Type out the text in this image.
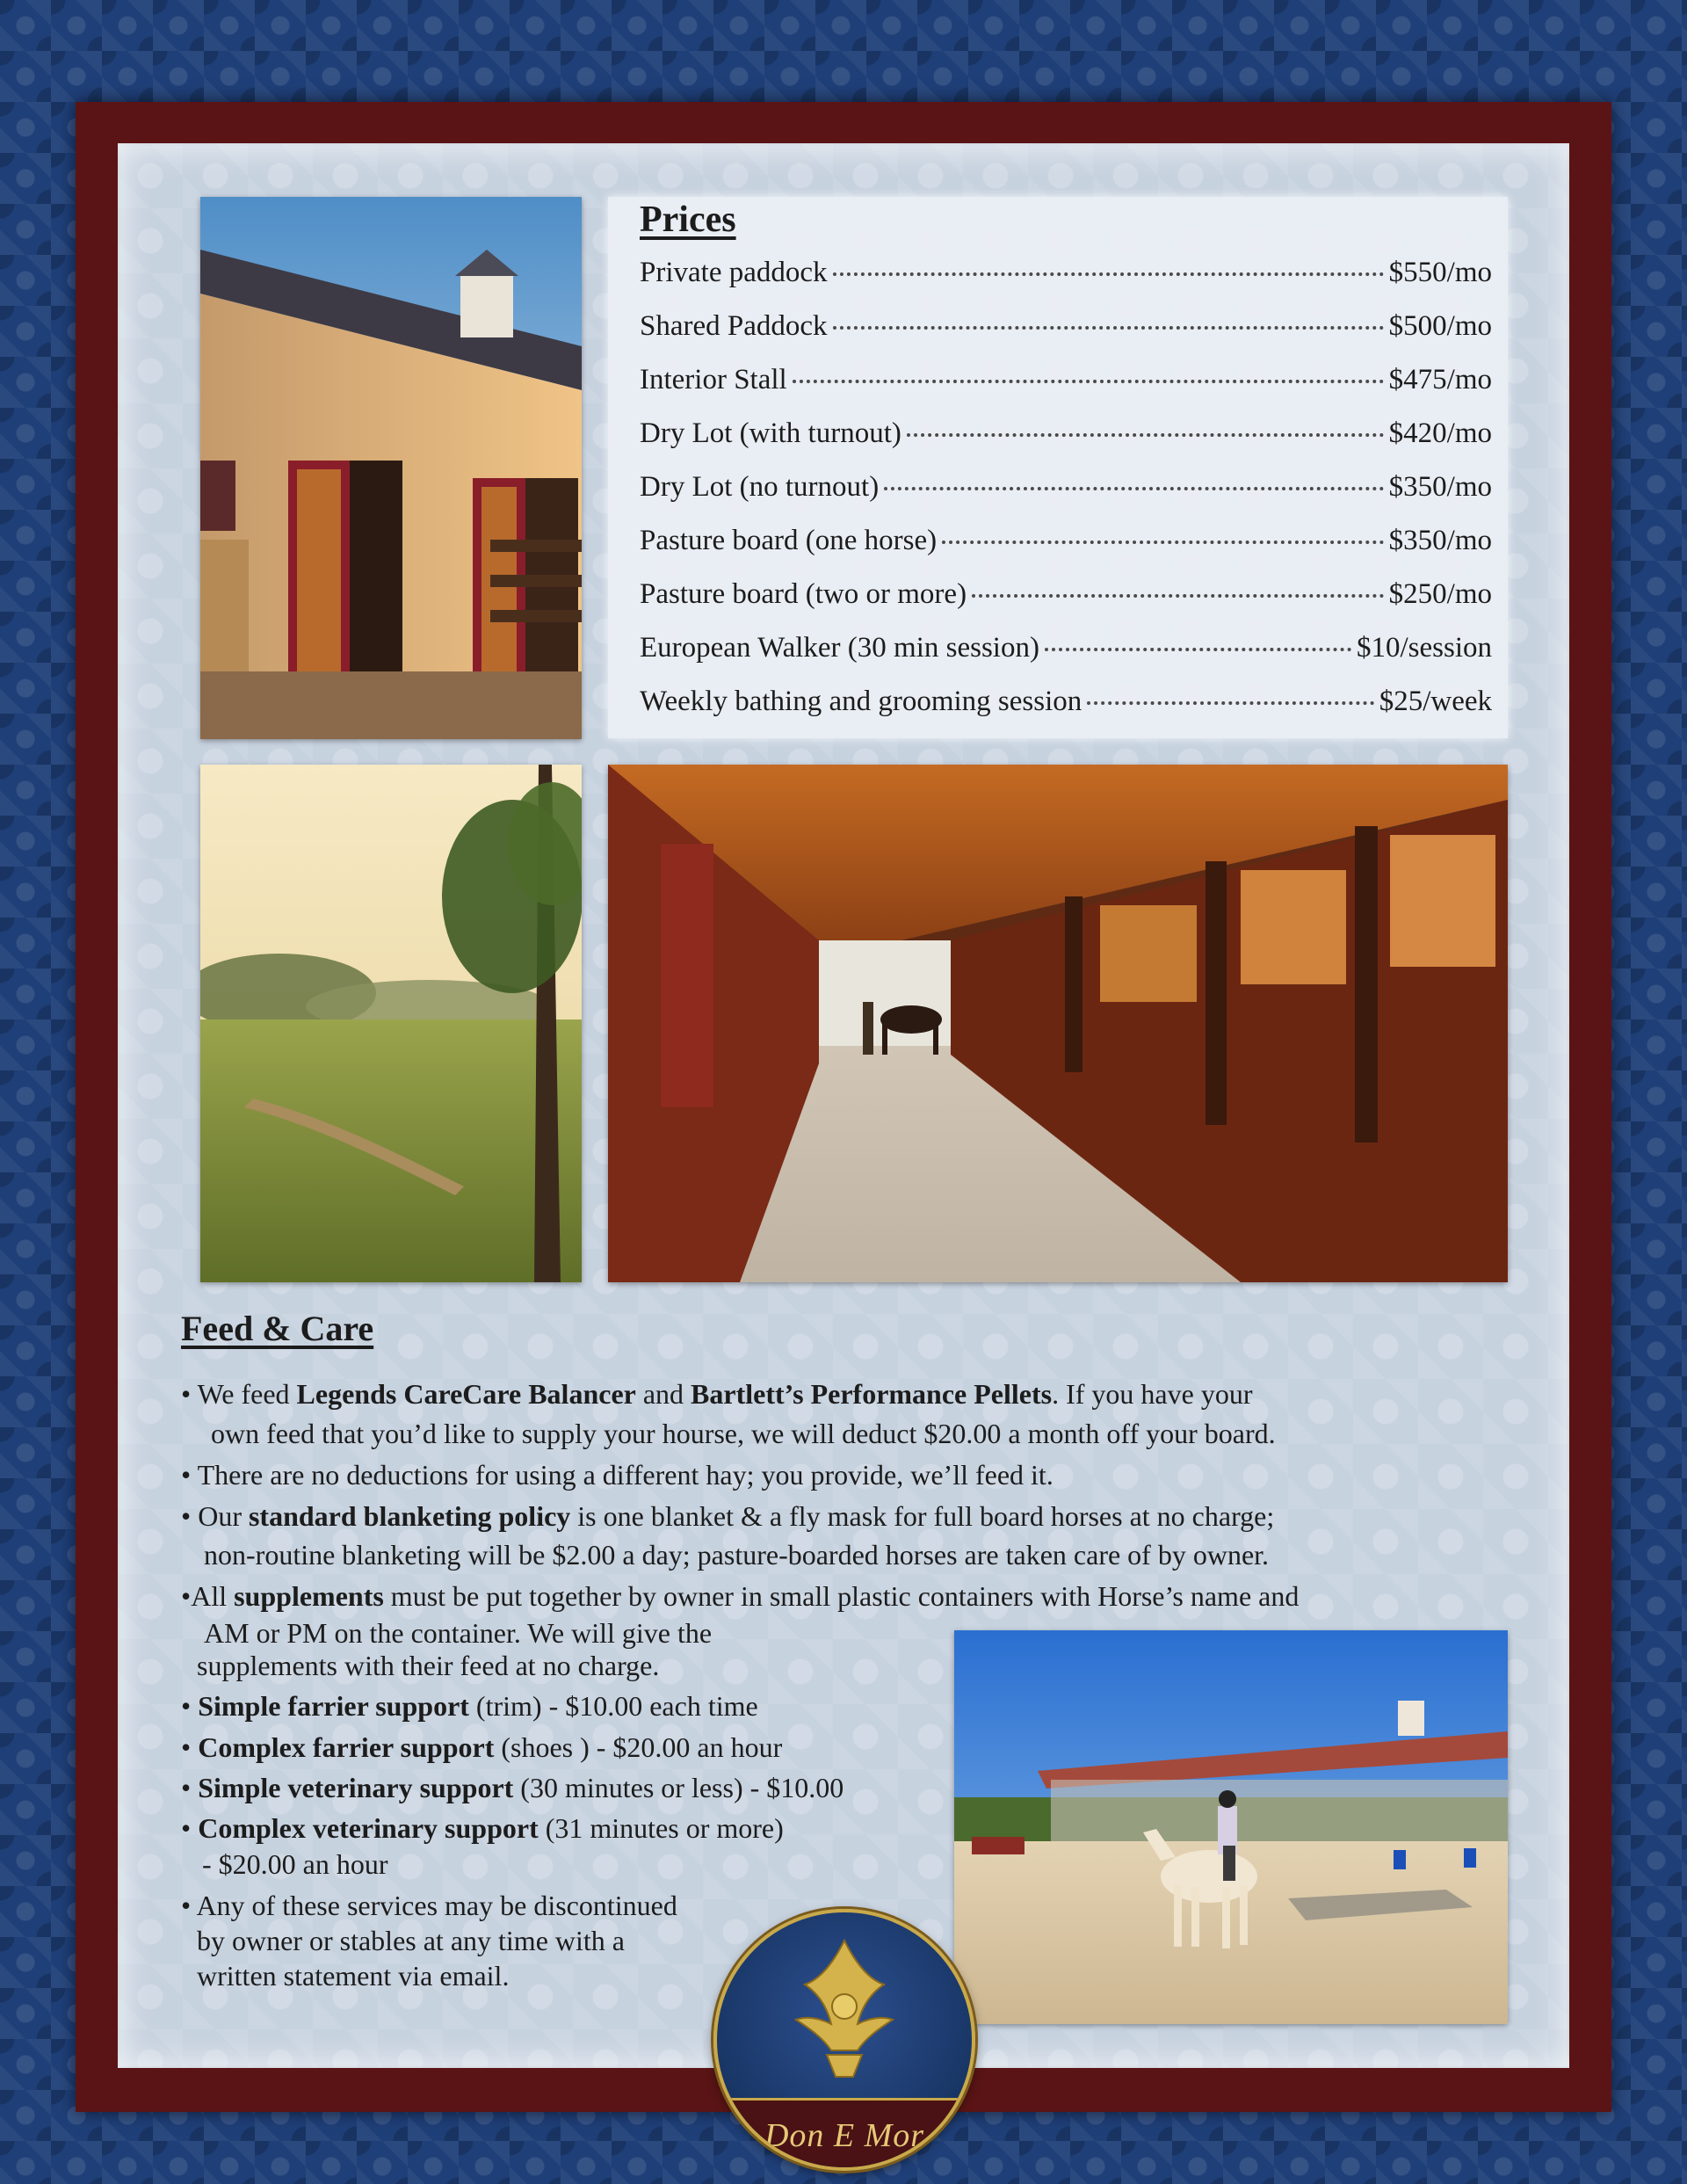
Prices
Private paddock	$550/mo
Shared Paddock	$500/mo
Interior Stall	$475/mo
Dry Lot (with turnout)	$420/mo
Dry Lot (no turnout)	$350/mo
Pasture board (one horse)	$350/mo
Pasture board (two or more)	$250/mo
European Walker (30 min session)	$10/session
Weekly bathing and grooming session	$25/week
Feed & Care
• We feed Legends CareCare Balancer and Bartlett’s Performance Pellets. If you have your
own feed that you’d like to supply your hourse, we will deduct $20.00 a month off your board.
• There are no deductions for using a different hay; you provide, we’ll feed it.
• Our standard blanketing policy is one blanket & a fly mask for full board horses at no charge;
non-routine blanketing will be $2.00 a day; pasture-boarded horses are taken care of by owner.
•All supplements must be put together by owner in small plastic containers with Horse’s name and
AM or PM on the container. We will give the
supplements with their feed at no charge.
• Simple farrier support (trim) - $10.00 each time
• Complex farrier support (shoes ) - $20.00 an hour
• Simple veterinary support (30 minutes or less) - $10.00
• Complex veterinary support (31 minutes or more)
- $20.00 an hour
• Any of these services may be discontinued
by owner or stables at any time with a
written statement via email.
Don E Mor
